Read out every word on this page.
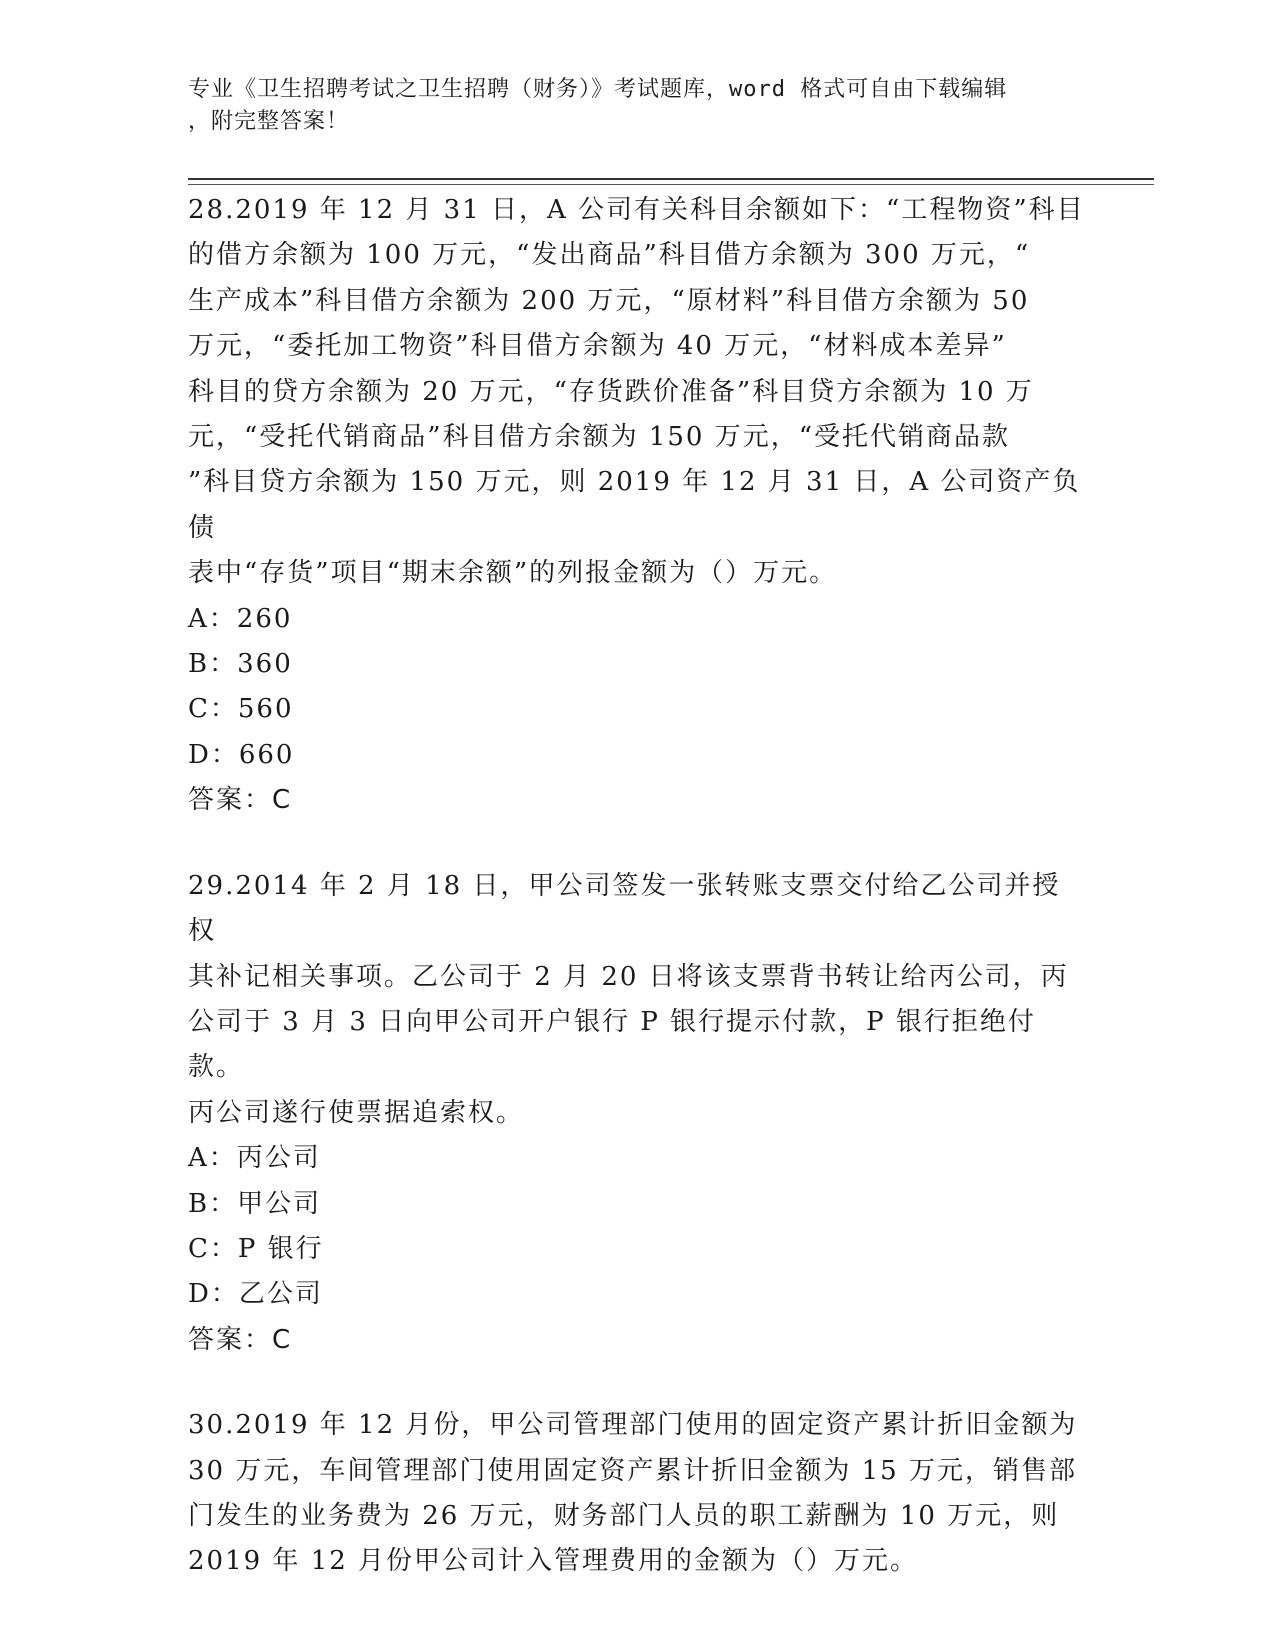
专业《卫生招聘考试之卫生招聘（财务）》考试题库，word 格式可自由下载编辑
，附完整答案！

28.2019 年 12 月 31 日，A 公司有关科目余额如下：“工程物资”科目

的借方余额为 100 万元，“发出商品”科目借方余额为 300 万元，“

生产成本”科目借方余额为 200 万元，“原材料”科目借方余额为 50

万元，“委托加工物资”科目借方余额为 40 万元，“材料成本差异”

科目的贷方余额为 20 万元，“存货跌价准备”科目贷方余额为 10 万

元，“受托代销商品”科目借方余额为 150 万元，“受托代销商品款

”科目贷方余额为 150 万元，则 2019 年 12 月 31 日，A 公司资产负债

表中“存货”项目“期末余额”的列报金额为（）万元。

A：260

B：360

C：560

D：660

答案：C

29.2014 年 2 月 18 日，甲公司签发一张转账支票交付给乙公司并授权

其补记相关事项。乙公司于 2 月 20 日将该支票背书转让给丙公司，丙

公司于 3 月 3 日向甲公司开户银行 P 银行提示付款，P 银行拒绝付款。

丙公司遂行使票据追索权。

A：丙公司

B：甲公司

C：P 银行

D：乙公司

答案：C

30.2019 年 12 月份，甲公司管理部门使用的固定资产累计折旧金额为

30 万元，车间管理部门使用固定资产累计折旧金额为 15 万元，销售部

门发生的业务费为 26 万元，财务部门人员的职工薪酬为 10 万元，则

2019 年 12 月份甲公司计入管理费用的金额为（）万元。
